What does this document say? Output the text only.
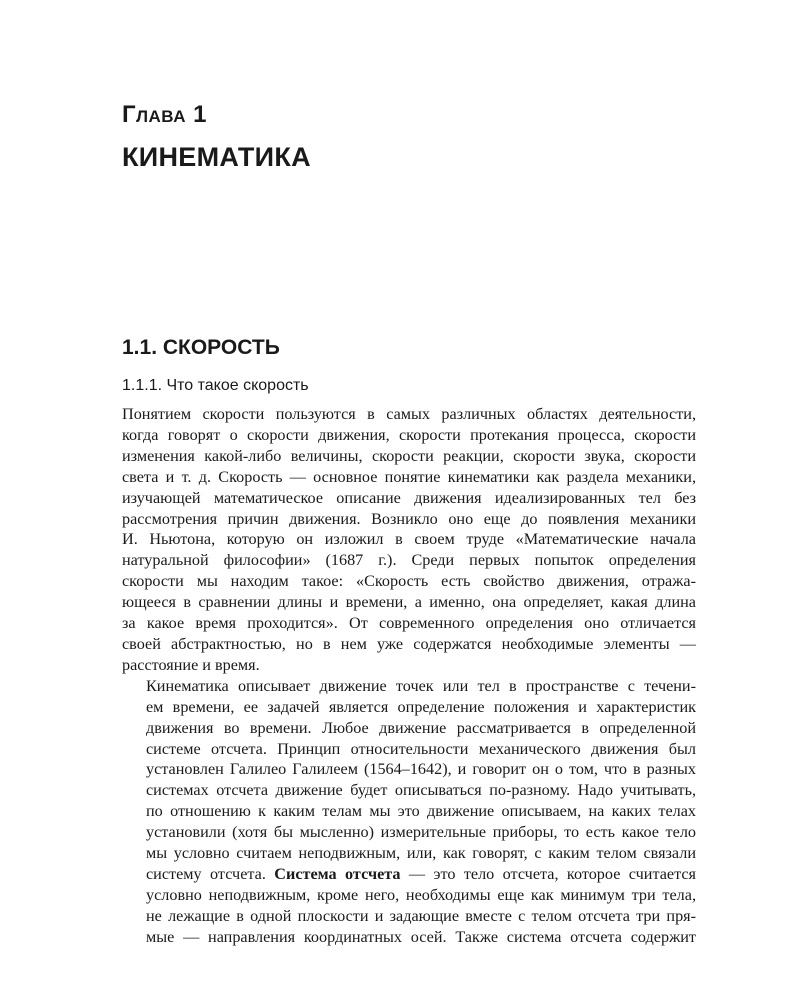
Глава 1
КИНЕМАТИКА
1.1. СКОРОСТЬ
1.1.1. Что такое скорость

Понятием скорости пользуются в самых различных областях деятельности,
когда говорят о скорости движения, скорости протекания процесса, скорости
изменения какой-либо величины, скорости реакции, скорости звука, скорости
света и т. д. Скорость — основное понятие кинематики как раздела механики,
изучающей математическое описание движения идеализированных тел без
рассмотрения причин движения. Возникло оно еще до появления механики
И. Ньютона, которую он изложил в своем труде «Математические начала
натуральной философии» (1687 г.). Среди первых попыток определения
скорости мы находим такое: «Скорость есть свойство движения, отража-
ющееся в сравнении длины и времени, а именно, она определяет, какая длина
за какое время проходится». От современного определения оно отличается
своей абстрактностью, но в нем уже содержатся необходимые элементы —
расстояние и время.

Кинематика описывает движение точек или тел в пространстве с течени-
ем времени, ее задачей является определение положения и характеристик
движения во времени. Любое движение рассматривается в определенной
системе отсчета. Принцип относительности механического движения был
установлен Галилео Галилеем (1564–1642), и говорит он о том, что в разных
системах отсчета движение будет описываться по-разному. Надо учитывать,
по отношению к каким телам мы это движение описываем, на каких телах
установили (хотя бы мысленно) измерительные приборы, то есть какое тело
мы условно считаем неподвижным, или, как говорят, с каким телом связали
систему отсчета. Система отсчета — это тело отсчета, которое считается
условно неподвижным, кроме него, необходимы еще как минимум три тела,
не лежащие в одной плоскости и задающие вместе с телом отсчета три пря-
мые — направления координатных осей. Также система отсчета содержит
